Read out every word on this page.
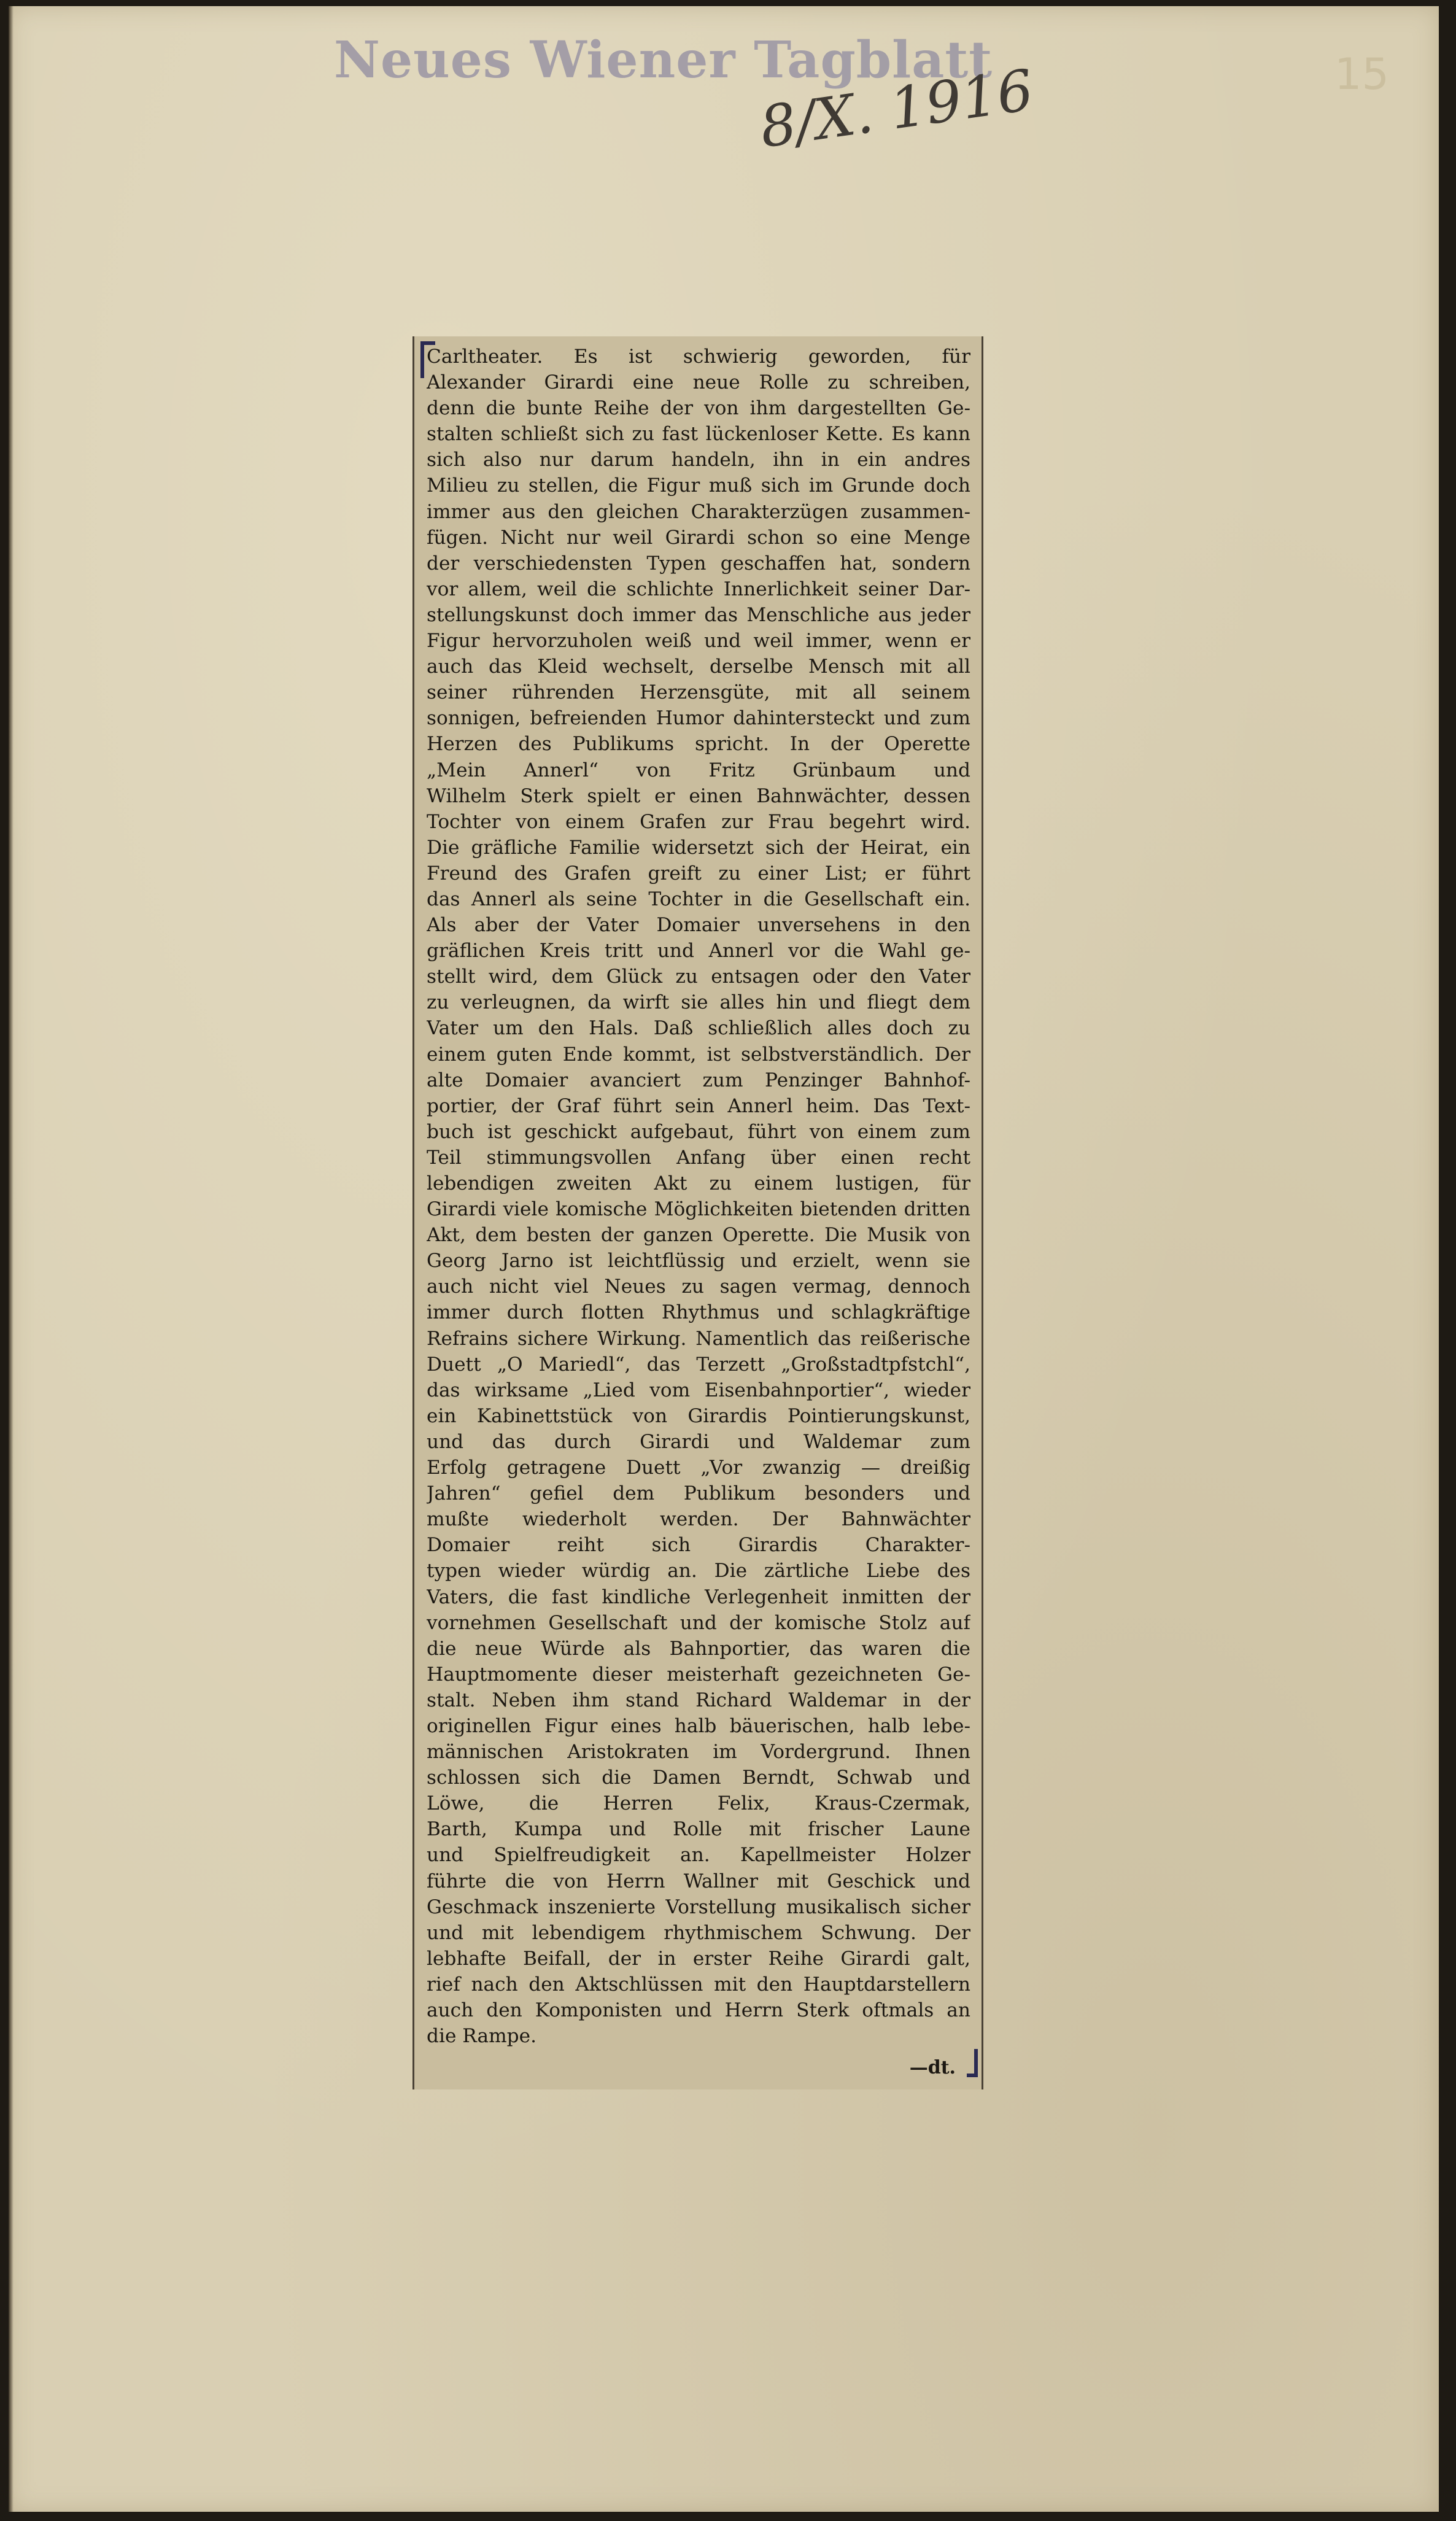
Neues Wiener Tagblatt
8/X. 1916	15
Carltheater. Es ist schwierig geworden, für
Alexander Girardi eine neue Rolle zu schreiben,
denn die bunte Reihe der von ihm dargestellten Ge-
stalten schließt sich zu fast lückenloser Kette. Es kann
sich also nur darum handeln, ihn in ein andres
Milieu zu stellen, die Figur muß sich im Grunde doch
immer aus den gleichen Charakterzügen zusammen-
fügen. Nicht nur weil Girardi schon so eine Menge
der verschiedensten Typen geschaffen hat, sondern
vor allem, weil die schlichte Innerlichkeit seiner Dar-
stellungskunst doch immer das Menschliche aus jeder
Figur hervorzuholen weiß und weil immer, wenn er
auch das Kleid wechselt, derselbe Mensch mit all
seiner rührenden Herzensgüte, mit all seinem
sonnigen, befreienden Humor dahintersteckt und zum
Herzen des Publikums spricht. In der Operette
„Mein Annerl“ von Fritz Grünbaum und
Wilhelm Sterk spielt er einen Bahnwächter, dessen
Tochter von einem Grafen zur Frau begehrt wird.
Die gräfliche Familie widersetzt sich der Heirat, ein
Freund des Grafen greift zu einer List; er führt
das Annerl als seine Tochter in die Gesellschaft ein.
Als aber der Vater Domaier unversehens in den
gräflichen Kreis tritt und Annerl vor die Wahl ge-
stellt wird, dem Glück zu entsagen oder den Vater
zu verleugnen, da wirft sie alles hin und fliegt dem
Vater um den Hals. Daß schließlich alles doch zu
einem guten Ende kommt, ist selbstverständlich. Der
alte Domaier avanciert zum Penzinger Bahnhof-
portier, der Graf führt sein Annerl heim. Das Text-
buch ist geschickt aufgebaut, führt von einem zum
Teil stimmungsvollen Anfang über einen recht
lebendigen zweiten Akt zu einem lustigen, für
Girardi viele komische Möglichkeiten bietenden dritten
Akt, dem besten der ganzen Operette. Die Musik von
Georg Jarno ist leichtflüssig und erzielt, wenn sie
auch nicht viel Neues zu sagen vermag, dennoch
immer durch flotten Rhythmus und schlagkräftige
Refrains sichere Wirkung. Namentlich das reißerische
Duett „O Mariedl“, das Terzett „Großstadtpfstchl“,
das wirksame „Lied vom Eisenbahnportier“, wieder
ein Kabinettstück von Girardis Pointierungskunst,
und das durch Girardi und Waldemar zum
Erfolg getragene Duett „Vor zwanzig — dreißig
Jahren“ gefiel dem Publikum besonders und
mußte wiederholt werden. Der Bahnwächter
Domaier reiht sich Girardis Charakter-
typen wieder würdig an. Die zärtliche Liebe des
Vaters, die fast kindliche Verlegenheit inmitten der
vornehmen Gesellschaft und der komische Stolz auf
die neue Würde als Bahnportier, das waren die
Hauptmomente dieser meisterhaft gezeichneten Ge-
stalt. Neben ihm stand Richard Waldemar in der
originellen Figur eines halb bäuerischen, halb lebe-
männischen Aristokraten im Vordergrund. Ihnen
schlossen sich die Damen Berndt, Schwab und
Löwe, die Herren Felix, Kraus-Czermak,
Barth, Kumpa und Rolle mit frischer Laune
und Spielfreudigkeit an. Kapellmeister Holzer
führte die von Herrn Wallner mit Geschick und
Geschmack inszenierte Vorstellung musikalisch sicher
und mit lebendigem rhythmischem Schwung. Der
lebhafte Beifall, der in erster Reihe Girardi galt,
rief nach den Aktschlüssen mit den Hauptdarstellern
auch den Komponisten und Herrn Sterk oftmals an
die Rampe.
—dt.
